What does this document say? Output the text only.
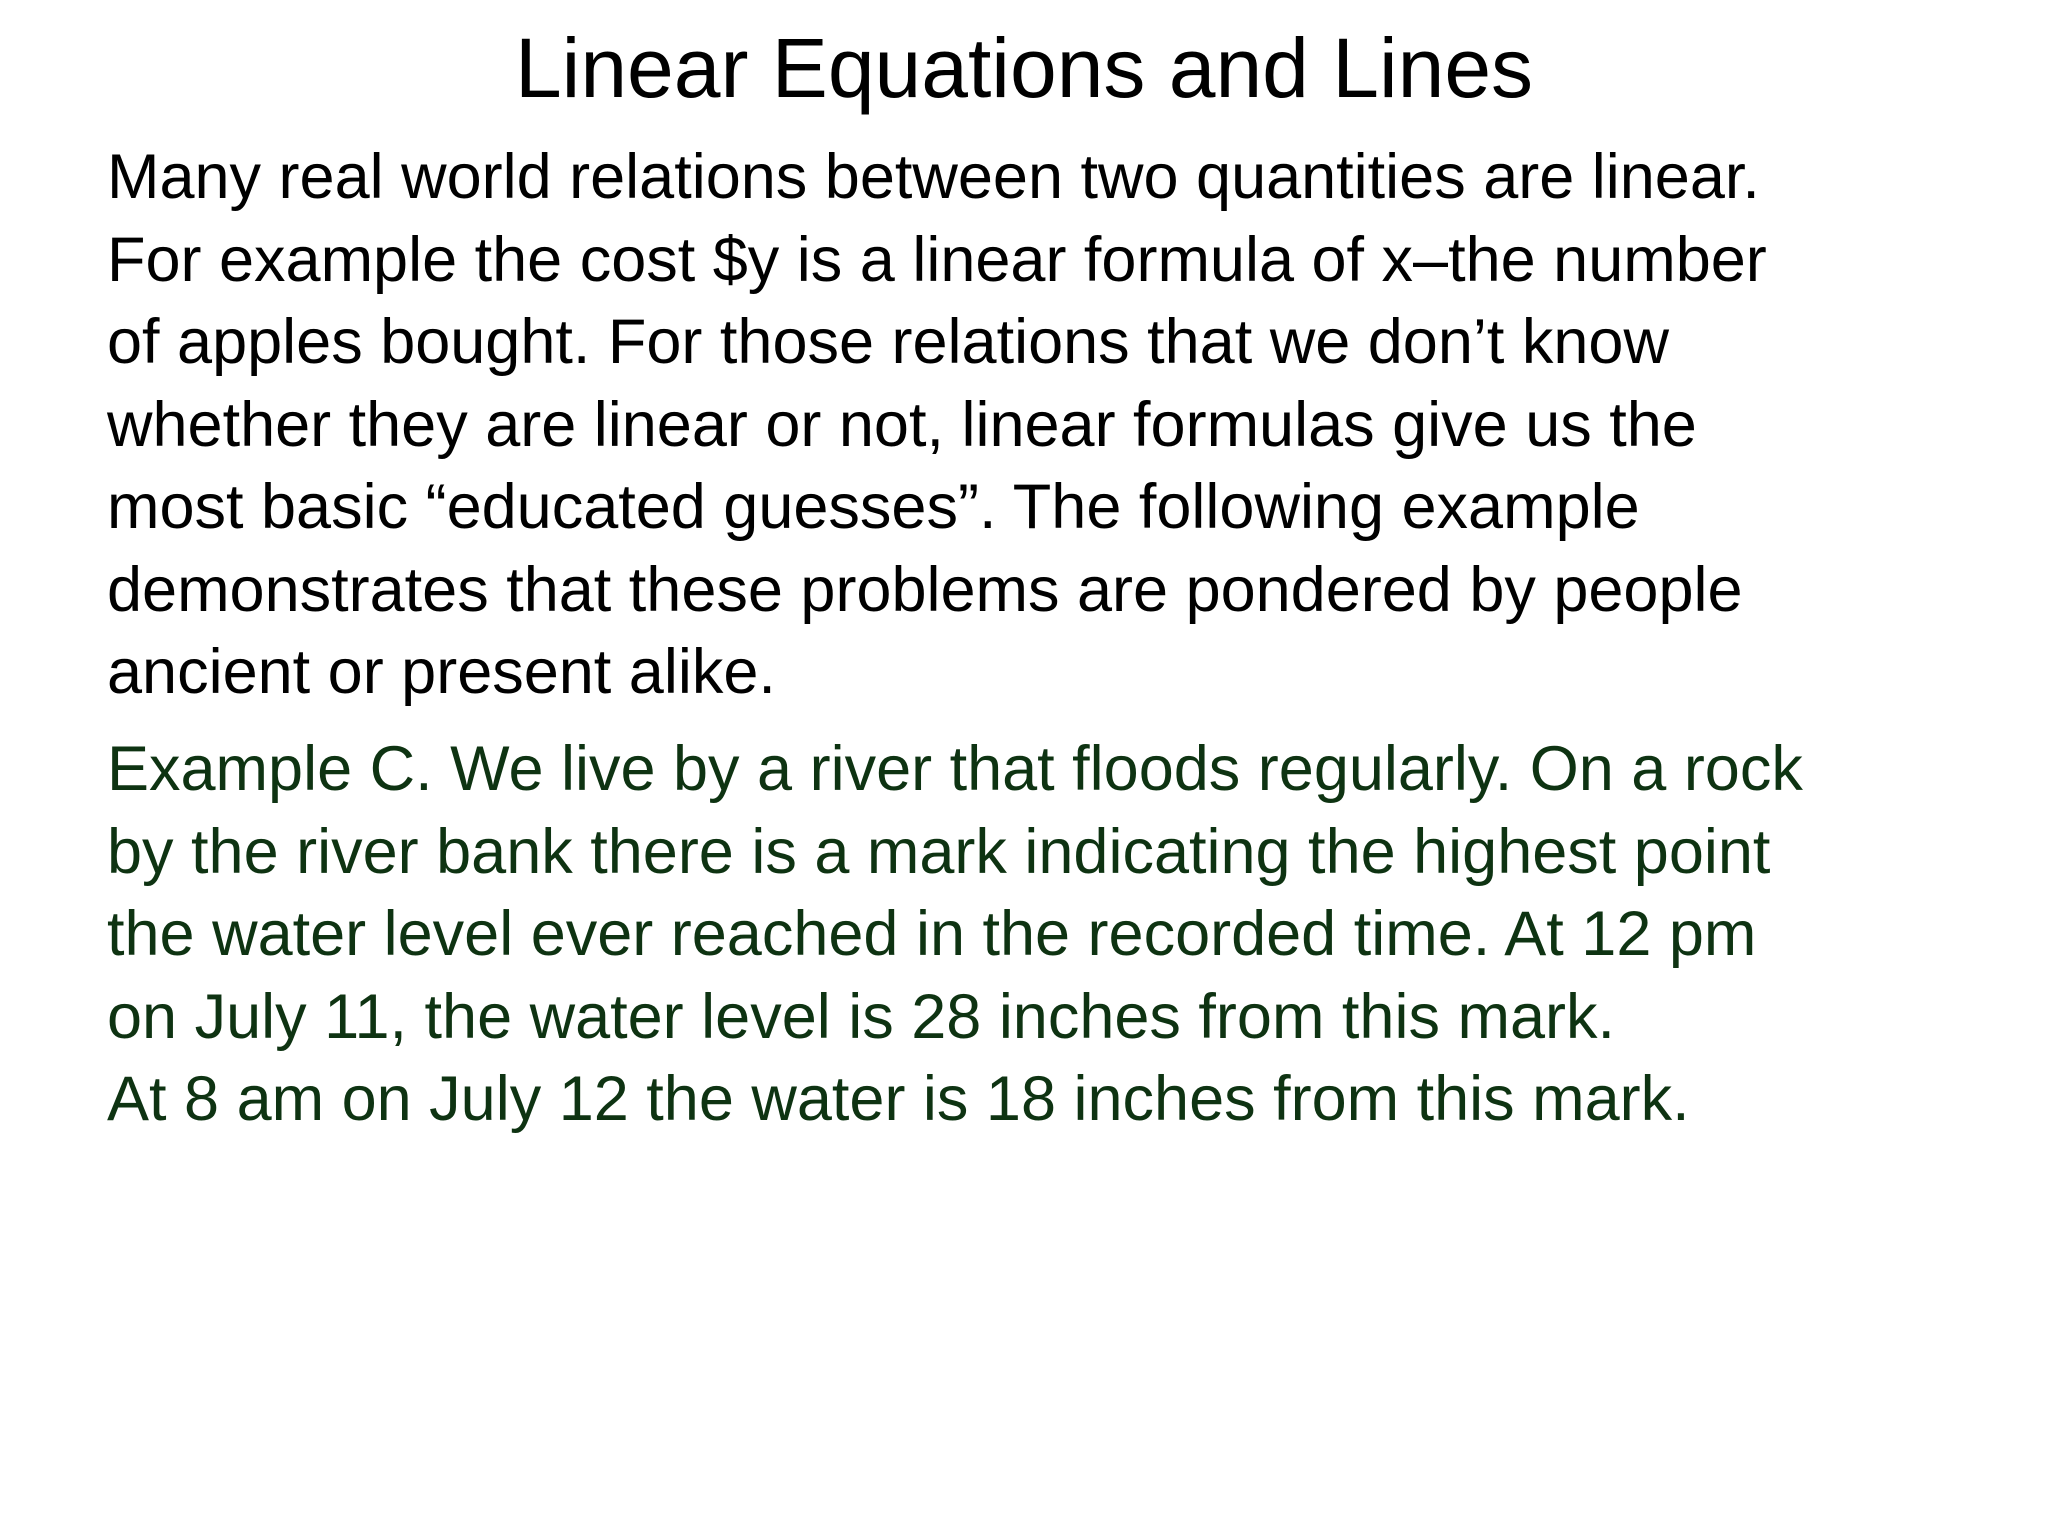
Linear Equations and Lines
Many real world relations between two quantities are linear.
For example the cost $y is a linear formula of x–the number
of apples bought. For those relations that we don’t know
whether they are linear or not, linear formulas give us the
most basic “educated guesses”. The following example
demonstrates that these problems are pondered by people
ancient or present alike.
Example C. We live by a river that floods regularly. On a rock
by the river bank there is a mark indicating the highest point
the water level ever reached in the recorded time. At 12 pm
on July 11, the water level is 28 inches from this mark.
At 8 am on July 12 the water is 18 inches from this mark.
